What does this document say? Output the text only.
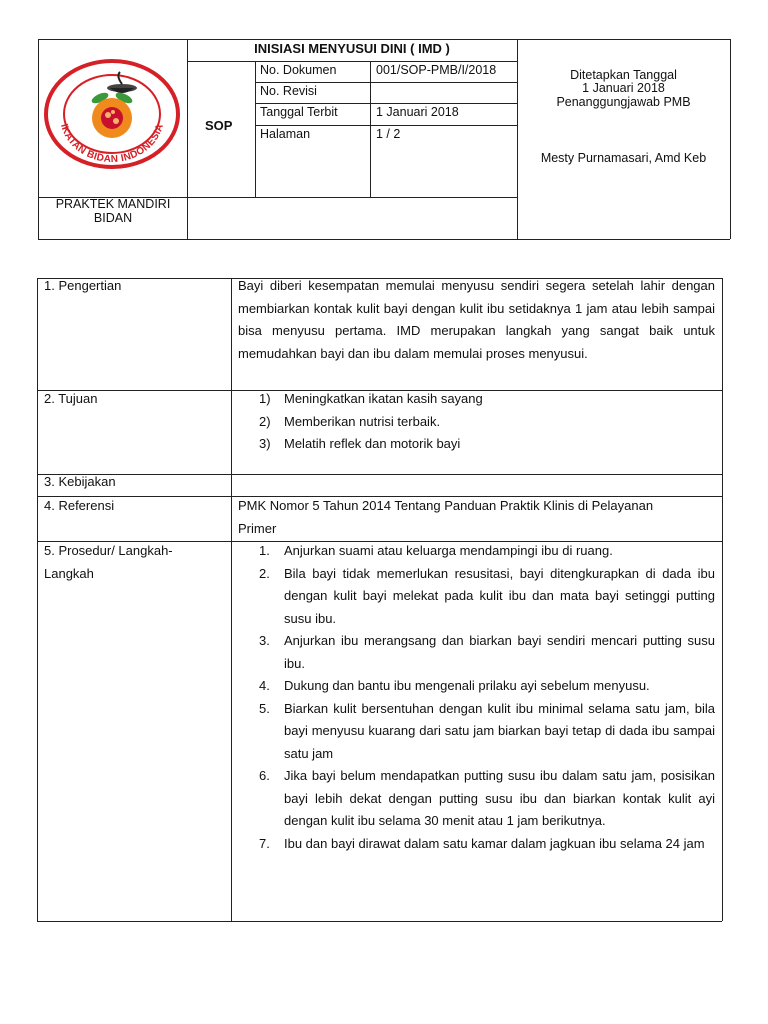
INISIASI MENYUSUI DINI ( IMD )
SOP
No. Dokumen	001/SOP-PMB/I/2018
No. Revisi
Tanggal Terbit	1 Januari 2018
Halaman	1 / 2
Ditetapkan Tanggal
1 Januari 2018
Penanggungjawab PMB
Mesty Purnamasari, Amd Keb
PRAKTEK MANDIRI BIDAN
IKATAN BIDAN INDONESIA
1. Pengertian	Bayi diberi kesempatan memulai menyusu sendiri segera setelah lahir dengan membiarkan kontak kulit bayi dengan kulit ibu setidaknya 1 jam atau lebih sampai bisa menyusu pertama. IMD merupakan langkah yang sangat baik untuk memudahkan bayi dan ibu dalam memulai proses menyusui.
2. Tujuan	1) Meningkatkan ikatan kasih sayang
2) Memberikan nutrisi terbaik.
3) Melatih reflek dan motorik bayi
3. Kebijakan
4. Referensi	PMK Nomor 5 Tahun 2014 Tentang Panduan Praktik Klinis di Pelayanan Primer
5. Prosedur/ Langkah-Langkah
1. Anjurkan suami atau keluarga mendampingi ibu di ruang.
2. Bila bayi tidak memerlukan resusitasi, bayi ditengkurapkan di dada ibu dengan kulit bayi melekat pada kulit ibu dan mata bayi setinggi putting susu ibu.
3. Anjurkan ibu merangsang dan biarkan bayi sendiri mencari putting susu ibu.
4. Dukung dan bantu ibu mengenali prilaku ayi sebelum menyusu.
5. Biarkan kulit bersentuhan dengan kulit ibu minimal selama satu jam, bila bayi menyusu kuarang dari satu jam biarkan bayi tetap di dada ibu sampai satu jam
6. Jika bayi belum mendapatkan putting susu ibu dalam satu jam, posisikan bayi lebih dekat dengan putting susu ibu dan biarkan kontak kulit ayi dengan kulit ibu selama 30 menit atau 1 jam berikutnya.
7. Ibu dan bayi dirawat dalam satu kamar dalam jagkuan ibu selama 24 jam
